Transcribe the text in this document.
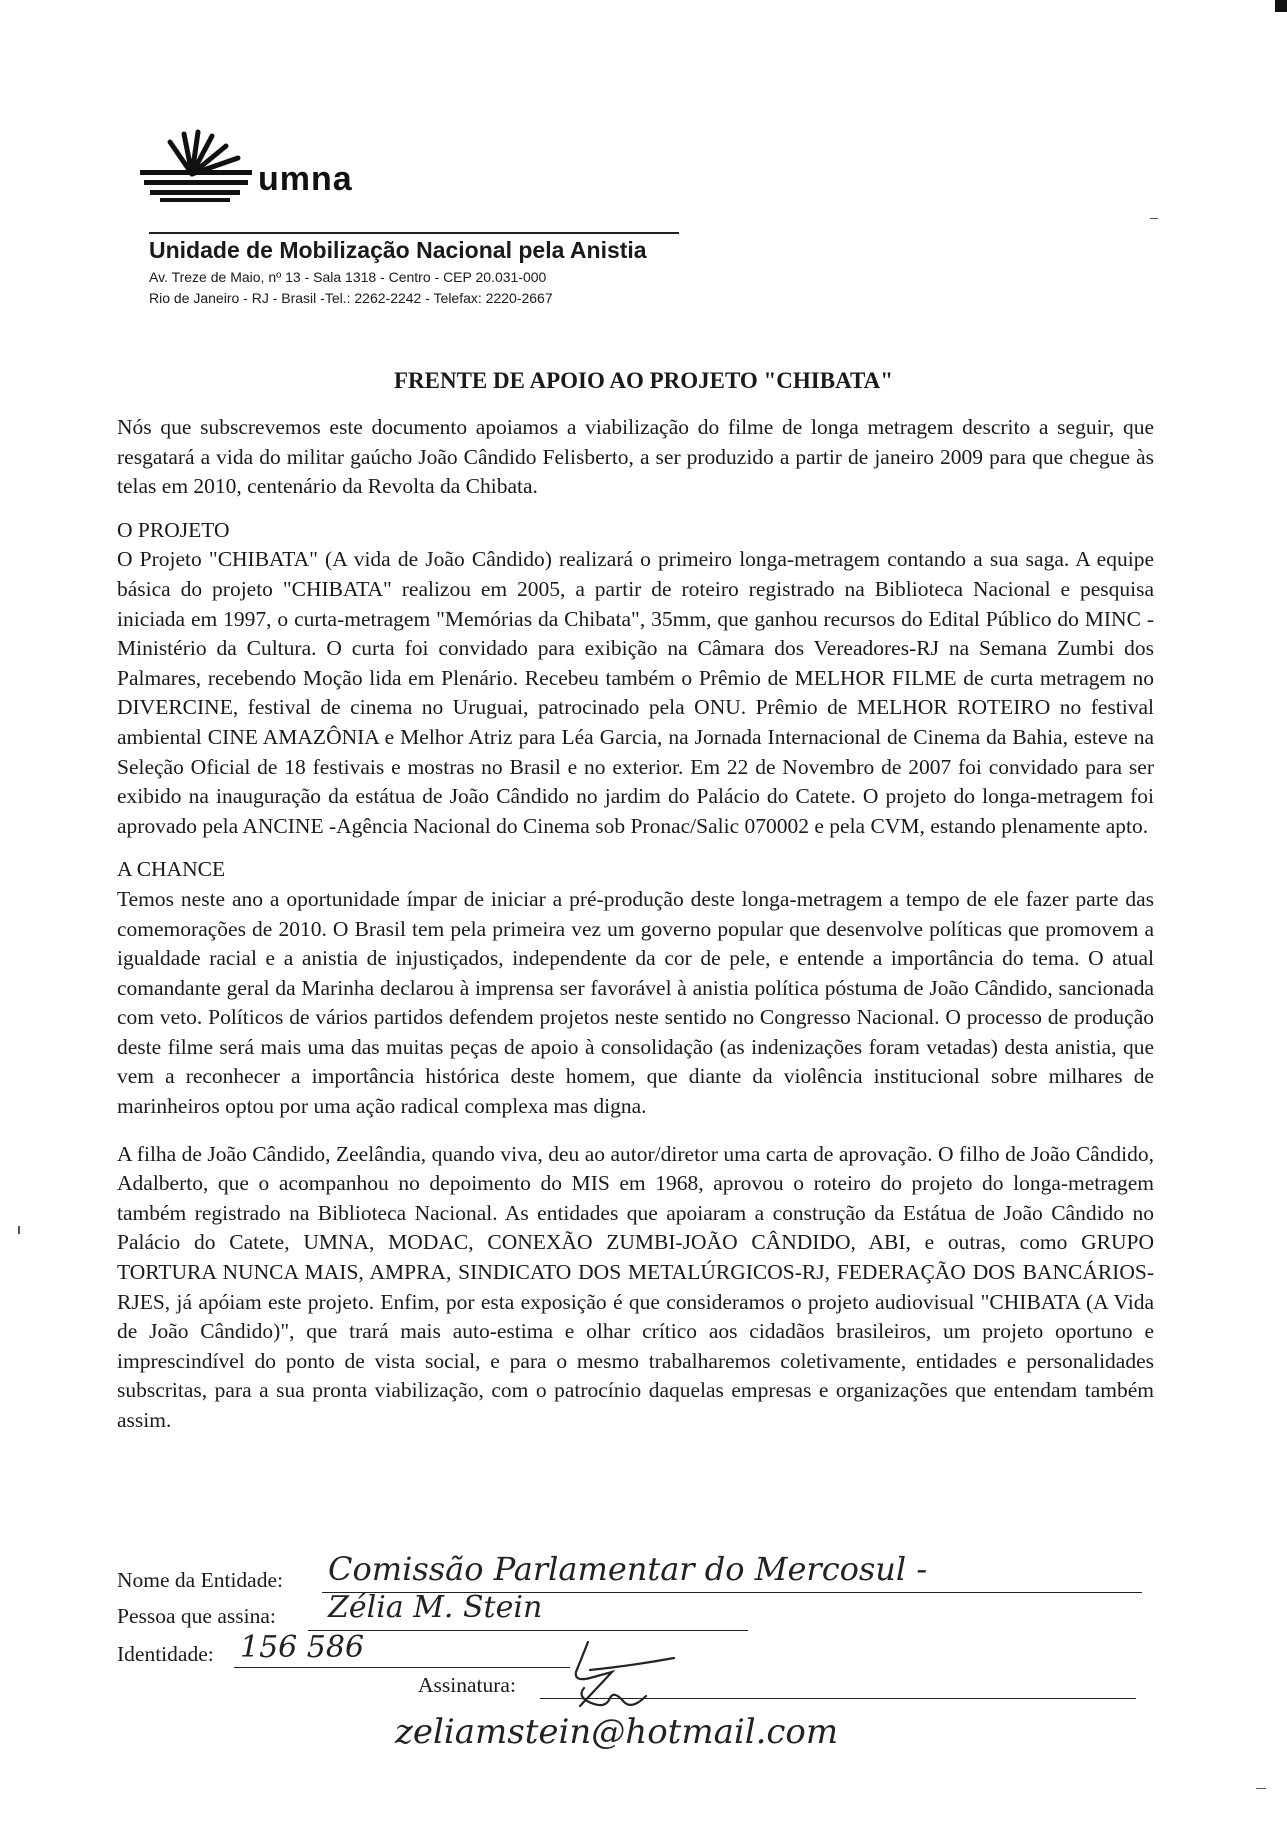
umna
Unidade de Mobilização Nacional pela Anistia
Av. Treze de Maio, nº 13 - Sala 1318 - Centro - CEP 20.031-000
Rio de Janeiro - RJ - Brasil -Tel.: 2262-2242 - Telefax: 2220-2667
FRENTE DE APOIO AO PROJETO "CHIBATA"

Nós que subscrevemos este documento apoiamos a viabilização do filme de longa metragem descrito a seguir, que resgatará a vida do militar gaúcho João Cândido Felisberto, a ser produzido a partir de janeiro 2009 para que chegue às telas em 2010, centenário da Revolta da Chibata.

O PROJETO

O Projeto "CHIBATA" (A vida de João Cândido) realizará o primeiro longa-metragem contando a sua saga. A equipe básica do projeto "CHIBATA" realizou em 2005, a partir de roteiro registrado na Biblioteca Nacional e pesquisa iniciada em 1997, o curta-metragem "Memórias da Chibata", 35mm, que ganhou recursos do Edital Público do MINC - Ministério da Cultura. O curta foi convidado para exibição na Câmara dos Vereadores-RJ na Semana Zumbi dos Palmares, recebendo Moção lida em Plenário. Recebeu também o Prêmio de MELHOR FILME de curta metragem no DIVERCINE, festival de cinema no Uruguai, patrocinado pela ONU. Prêmio de MELHOR ROTEIRO no festival ambiental CINE AMAZÔNIA e Melhor Atriz para Léa Garcia, na Jornada Internacional de Cinema da Bahia, esteve na Seleção Oficial de 18 festivais e mostras no Brasil e no exterior. Em 22 de Novembro de 2007 foi convidado para ser exibido na inauguração da estátua de João Cândido no jardim do Palácio do Catete. O projeto do longa-metragem foi aprovado pela ANCINE -Agência Nacional do Cinema sob Pronac/Salic 070002 e pela CVM, estando plenamente apto.

A CHANCE

Temos neste ano a oportunidade ímpar de iniciar a pré-produção deste longa-metragem a tempo de ele fazer parte das comemorações de 2010. O Brasil tem pela primeira vez um governo popular que desenvolve políticas que promovem a igualdade racial e a anistia de injustiçados, independente da cor de pele, e entende a importância do tema. O atual comandante geral da Marinha declarou à imprensa ser favorável à anistia política póstuma de João Cândido, sancionada com veto. Políticos de vários partidos defendem projetos neste sentido no Congresso Nacional. O processo de produção deste filme será mais uma das muitas peças de apoio à consolidação (as indenizações foram vetadas) desta anistia, que vem a reconhecer a importância histórica deste homem, que diante da violência institucional sobre milhares de marinheiros optou por uma ação radical complexa mas digna.

A filha de João Cândido, Zeelândia, quando viva, deu ao autor/diretor uma carta de aprovação. O filho de João Cândido, Adalberto, que o acompanhou no depoimento do MIS em 1968, aprovou o roteiro do projeto do longa-metragem também registrado na Biblioteca Nacional. As entidades que apoiaram a construção da Estátua de João Cândido no Palácio do Catete, UMNA, MODAC, CONEXÃO ZUMBI-JOÃO CÂNDIDO, ABI, e outras, como GRUPO TORTURA NUNCA MAIS, AMPRA, SINDICATO DOS METALÚRGICOS-RJ, FEDERAÇÃO DOS BANCÁRIOS-RJES, já apóiam este projeto. Enfim, por esta exposição é que consideramos o projeto audiovisual "CHIBATA (A Vida de João Cândido)", que trará mais auto-estima e olhar crítico aos cidadãos brasileiros, um projeto oportuno e imprescindível do ponto de vista social, e para o mesmo trabalharemos coletivamente, entidades e personalidades subscritas, para a sua pronta viabilização, com o patrocínio daquelas empresas e organizações que entendam também assim.

Nome da Entidade: Comissão Parlamentar do Mercosul -
Pessoa que assina: Zélia M. Stein
Identidade: 156 586
Assinatura:
zeliamstein@hotmail.com
